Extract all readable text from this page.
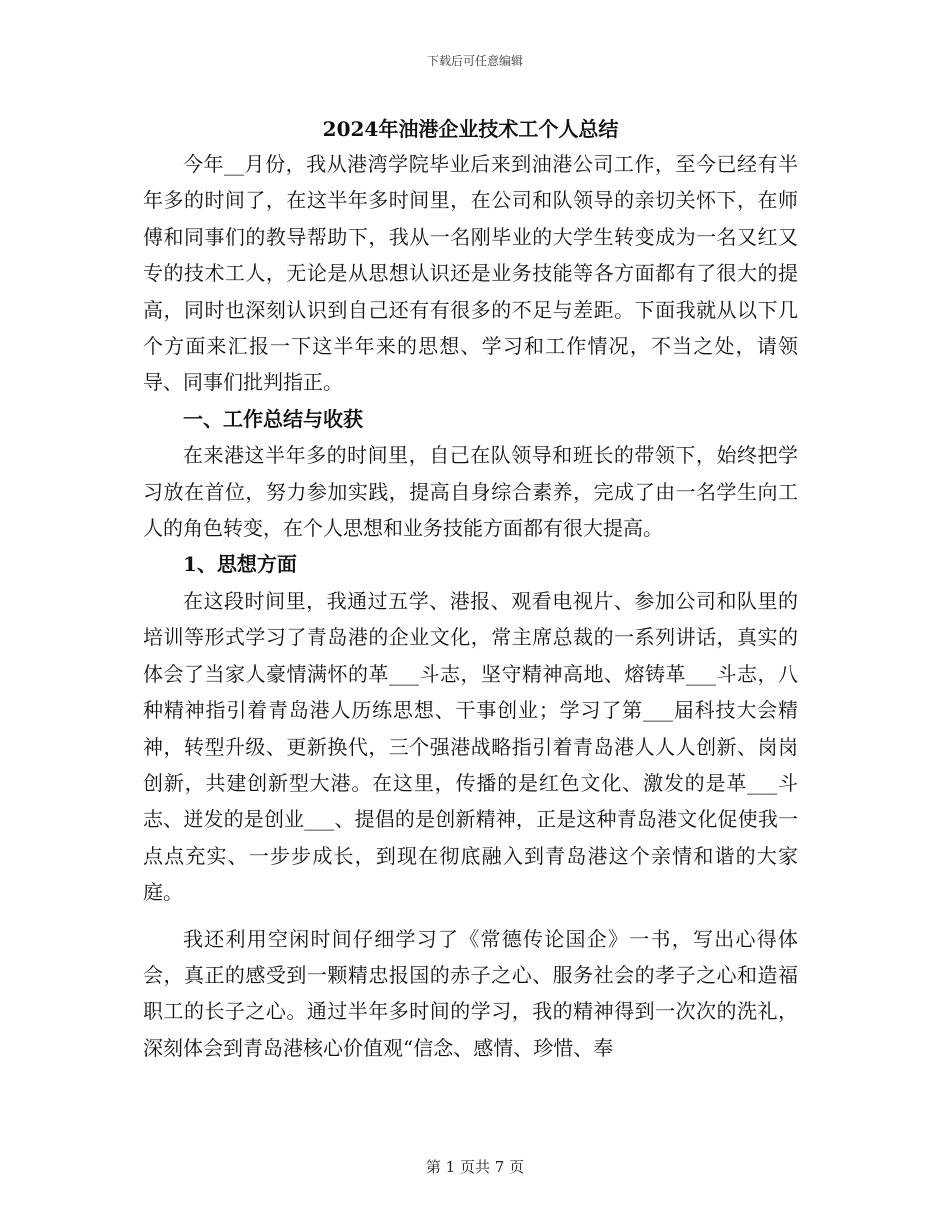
下载后可任意编辑
2024年油港企业技术工个人总结

今年__月份，我从港湾学院毕业后来到油港公司工作，至今已经有半年多的时间了，在这半年多时间里，在公司和队领导的亲切关怀下，在师傅和同事们的教导帮助下，我从一名刚毕业的大学生转变成为一名又红又专的技术工人，无论是从思想认识还是业务技能等各方面都有了很大的提高，同时也深刻认识到自己还有有很多的不足与差距。下面我就从以下几个方面来汇报一下这半年来的思想、学习和工作情况，不当之处，请领导、同事们批判指正。

一、工作总结与收获

在来港这半年多的时间里，自己在队领导和班长的带领下，始终把学习放在首位，努力参加实践，提高自身综合素养，完成了由一名学生向工人的角色转变，在个人思想和业务技能方面都有很大提高。

1、思想方面

在这段时间里，我通过五学、港报、观看电视片、参加公司和队里的培训等形式学习了青岛港的企业文化，常主席总裁的一系列讲话，真实的体会了当家人豪情满怀的革___斗志，坚守精神高地、熔铸革___斗志，八种精神指引着青岛港人历练思想、干事创业；学习了第___届科技大会精神，转型升级、更新换代，三个强港战略指引着青岛港人人人创新、岗岗创新，共建创新型大港。在这里，传播的是红色文化、激发的是革___斗志、迸发的是创业___、提倡的是创新精神，正是这种青岛港文化促使我一点点充实、一步步成长，到现在彻底融入到青岛港这个亲情和谐的大家庭。

我还利用空闲时间仔细学习了《常德传论国企》一书，写出心得体会，真正的感受到一颗精忠报国的赤子之心、服务社会的孝子之心和造福职工的长子之心。通过半年多时间的学习，我的精神得到一次次的洗礼，深刻体会到青岛港核心价值观“信念、感情、珍惜、奉

第 1 页共 7 页
